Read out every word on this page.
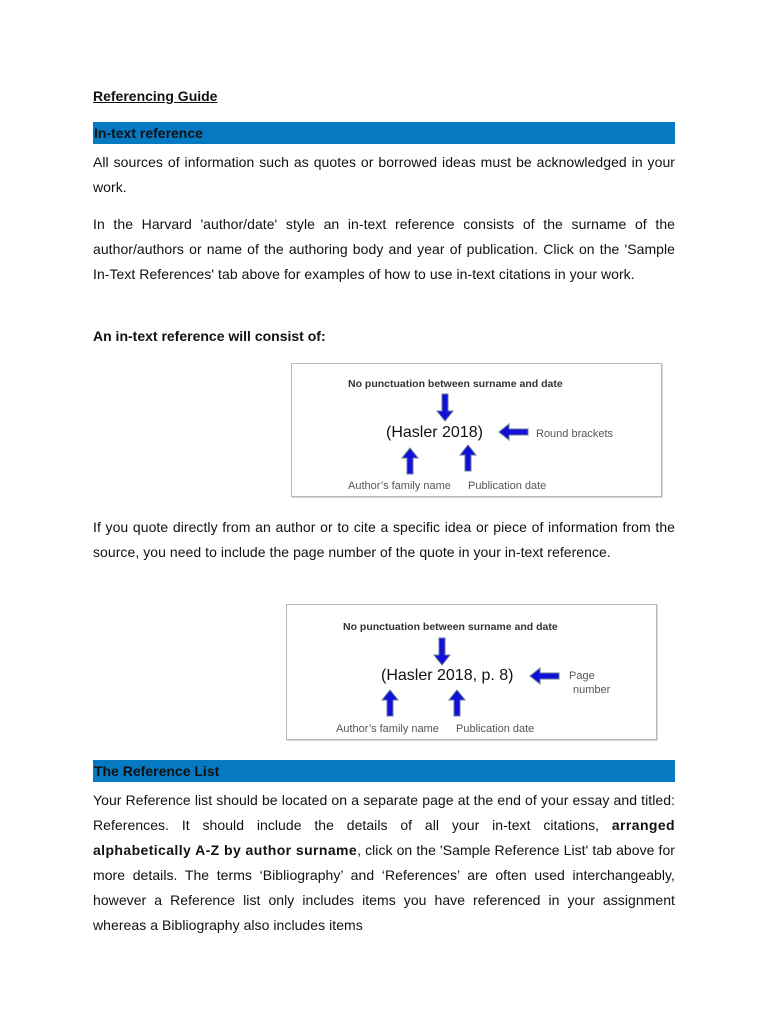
Referencing Guide

In-text reference

All sources of information such as quotes or borrowed ideas must be acknowledged in your work.

In the Harvard 'author/date' style an in-text reference consists of the surname of the author/authors or name of the authoring body and year of publication. Click on the 'Sample In-Text References' tab above for examples of how to use in-text citations in your work.

An in-text reference will consist of:

No punctuation between surname and date
(Hasler 2018)	Round brackets
Author’s family name Publication date

If you quote directly from an author or to cite a specific idea or piece of information from the source, you need to include the page number of the quote in your in-text reference.

No punctuation between surname and date
(Hasler 2018, p. 8)	Page
number
Author’s family name Publication date
The Reference List

Your Reference list should be located on a separate page at the end of your essay and titled: References. It should include the details of all your in-text citations, arranged alphabetically A-Z by author surname, click on the 'Sample Reference List' tab above for more details. The terms ‘Bibliography’ and ‘References’ are often used interchangeably, however a Reference list only includes items you have referenced in your assignment whereas a Bibliography also includes items
